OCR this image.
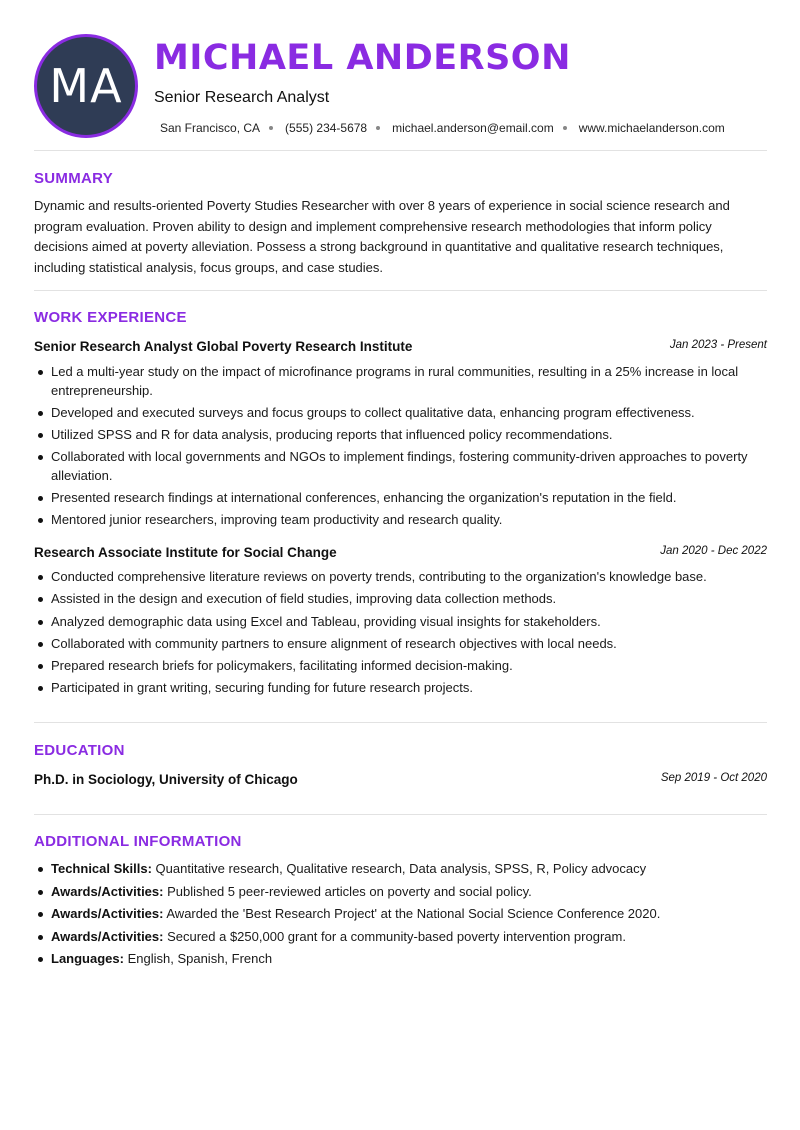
MA
MICHAEL ANDERSON
Senior Research Analyst
San Francisco, CA (555) 234-5678 michael.anderson@email.com www.michaelanderson.com
SUMMARY
Dynamic and results-oriented Poverty Studies Researcher with over 8 years of experience in social science research and program evaluation. Proven ability to design and implement comprehensive research methodologies that inform policy decisions aimed at poverty alleviation. Possess a strong background in quantitative and qualitative research techniques, including statistical analysis, focus groups, and case studies.
WORK EXPERIENCE
Senior Research Analyst Global Poverty Research Institute	Jan 2023 - Present
Led a multi-year study on the impact of microfinance programs in rural communities, resulting in a 25% increase in local entrepreneurship.
Developed and executed surveys and focus groups to collect qualitative data, enhancing program effectiveness.
Utilized SPSS and R for data analysis, producing reports that influenced policy recommendations.
Collaborated with local governments and NGOs to implement findings, fostering community-driven approaches to poverty alleviation.
Presented research findings at international conferences, enhancing the organization's reputation in the field.
Mentored junior researchers, improving team productivity and research quality.
Research Associate Institute for Social Change	Jan 2020 - Dec 2022
Conducted comprehensive literature reviews on poverty trends, contributing to the organization's knowledge base.
Assisted in the design and execution of field studies, improving data collection methods.
Analyzed demographic data using Excel and Tableau, providing visual insights for stakeholders.
Collaborated with community partners to ensure alignment of research objectives with local needs.
Prepared research briefs for policymakers, facilitating informed decision-making.
Participated in grant writing, securing funding for future research projects.
EDUCATION
Ph.D. in Sociology, University of Chicago	Sep 2019 - Oct 2020
ADDITIONAL INFORMATION
Technical Skills: Quantitative research, Qualitative research, Data analysis, SPSS, R, Policy advocacy
Awards/Activities: Published 5 peer-reviewed articles on poverty and social policy.
Awards/Activities: Awarded the 'Best Research Project' at the National Social Science Conference 2020.
Awards/Activities: Secured a $250,000 grant for a community-based poverty intervention program.
Languages: English, Spanish, French
